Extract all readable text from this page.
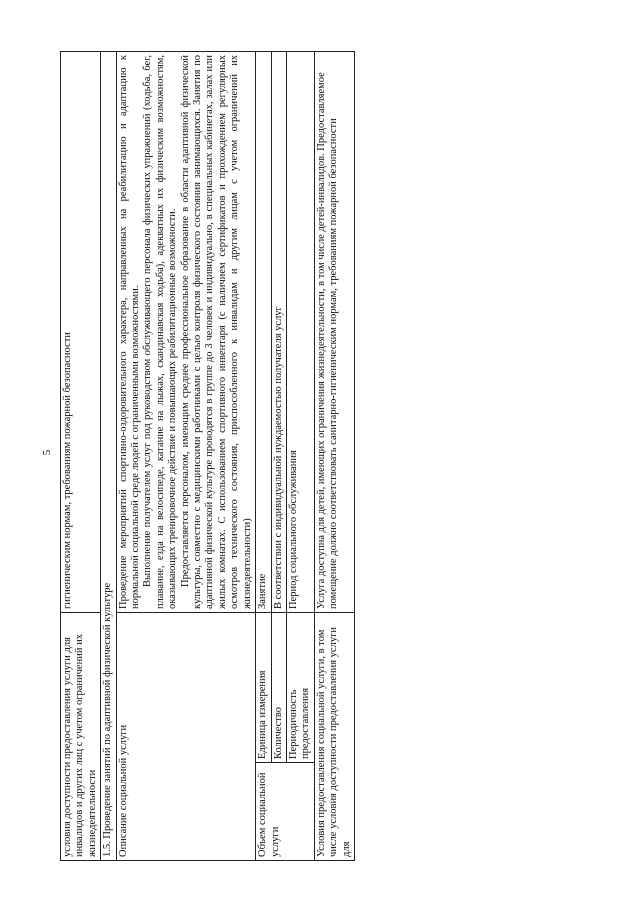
5
условия доступности предоставления услуги для инвалидов и других лиц с учетом ограничений их жизнедеятельности		гигиеническим нормам, требованиям пожарной безопасности
1.5. Проведение занятий по адаптивной физической культуре		
Описание социальной услуги		Проведение мероприятий спортивно-оздоровительного характера, направленных на реабилитацию и адаптацию к нормальной социальной среде людей с ограниченными возможностями. Выполнение получателем услуг под руководством обслуживающего персонала физических упражнений (ходьба, бег, плавание, езда на велосипеде, катание на лыжах, скандинавская ходьба), адекватных их физическим возможностям, оказывающих тренировочное действие и повышающих реабилитационные возможности. Предоставляется персоналом, имеющим среднее профессиональное образование в области адаптивной физической культуры, совместно с медицинскими работниками с целью контроля физического состояния занимающихся. Занятия по адаптивной физической культуре проводятся в группе до 3 человек и индивидуально, в специальных кабинетах, залах или жилых комнатах. С использованием спортивного инвентаря (с наличием сертификатов и прохождением регулярных осмотров технического состояния, приспособленного к инвалидам и другим лицам с учетом ограничений их жизнедеятельности)

Объем социальной услуги	Единица измерения	Занятие
	Количество	В соответствии с индивидуальной нуждаемостью получателя услуг
	Периодичность предоставления	Период социального обслуживания
Условия предоставления социальной услуги, в том числе условия доступности предоставления услуги для		Услуга доступна для детей, имеющих ограничения жизнедеятельности, в том числе детей-инвалидов. Предоставляемое помещение должно соответствовать санитарно-гигиеническим нормам, требованиям пожарной безопасности
